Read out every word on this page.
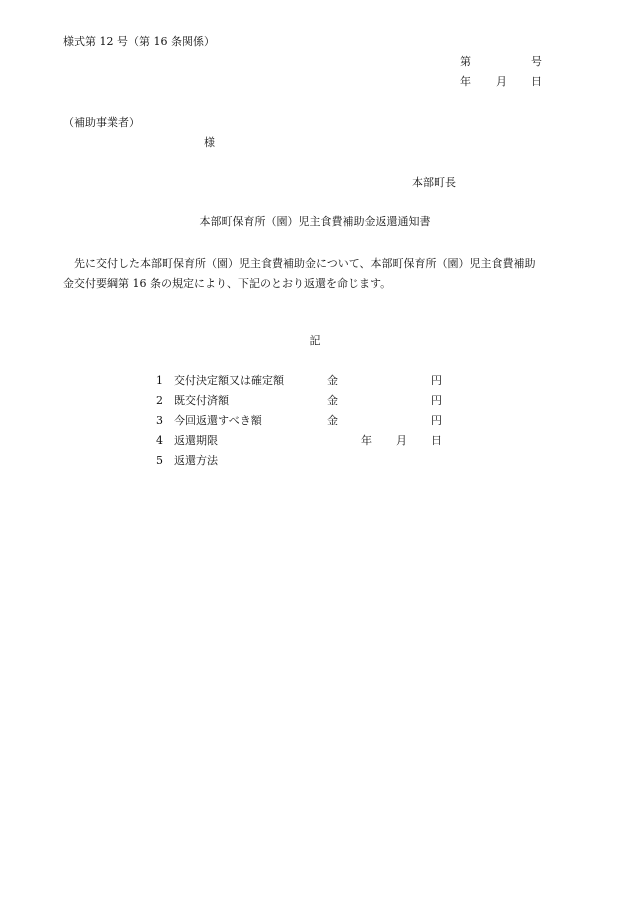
様式第 12 号（第 16 条関係）
第	号
年 月 日
（補助事業者）
様
本部町長
本部町保育所（園）児主食費補助金返還通知書
先に交付した本部町保育所（園）児主食費補助金について、本部町保育所（園）児主食費補助
金交付要綱第 16 条の規定により、下記のとおり返還を命じます。
記
1 交付決定額又は確定額	金	円
2 既交付済額	金	円
3 今回返還すべき額	金	円
4 返還期限	年 月 日
5 返還方法
